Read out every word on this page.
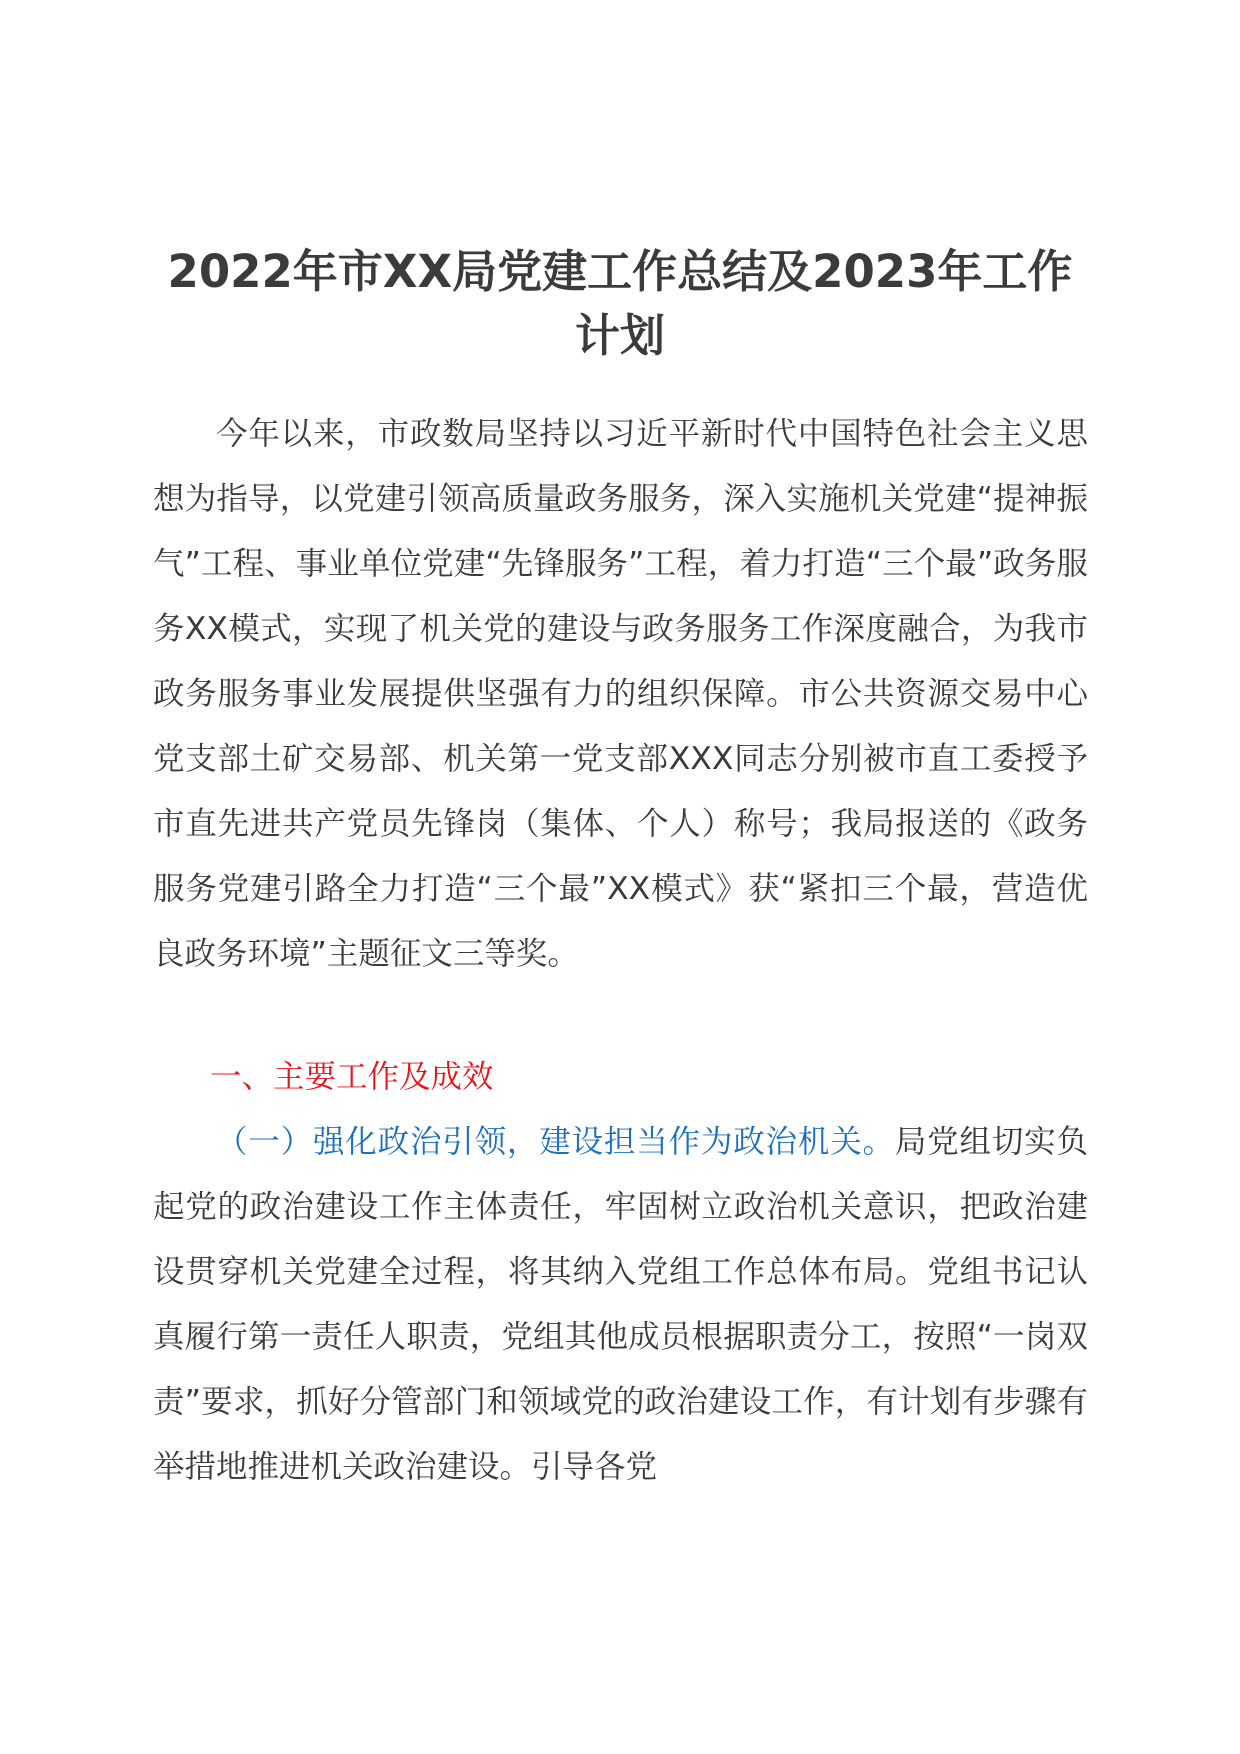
2022年市XX局党建工作总结及2023年工作计划
今年以来，市政数局坚持以习近平新时代中国特色社会主义思想为指导，以党建引领高质量政务服务，深入实施机关党建“提神振气”工程、事业单位党建“先锋服务”工程，着力打造“三个最”政务服务XX模式，实现了机关党的建设与政务服务工作深度融合，为我市政务服务事业发展提供坚强有力的组织保障。市公共资源交易中心党支部土矿交易部、机关第一党支部XXX同志分别被市直工委授予市直先进共产党员先锋岗（集体、个人）称号；我局报送的《政务服务党建引路全力打造“三个最”XX模式》获“紧扣三个最，营造优良政务环境”主题征文三等奖。
一、主要工作及成效
（一）强化政治引领，建设担当作为政治机关。局党组切实负起党的政治建设工作主体责任，牢固树立政治机关意识，把政治建设贯穿机关党建全过程，将其纳入党组工作总体布局。党组书记认真履行第一责任人职责，党组其他成员根据职责分工，按照“一岗双责”要求，抓好分管部门和领域党的政治建设工作，有计划有步骤有举措地推进机关政治建设。引导各党
